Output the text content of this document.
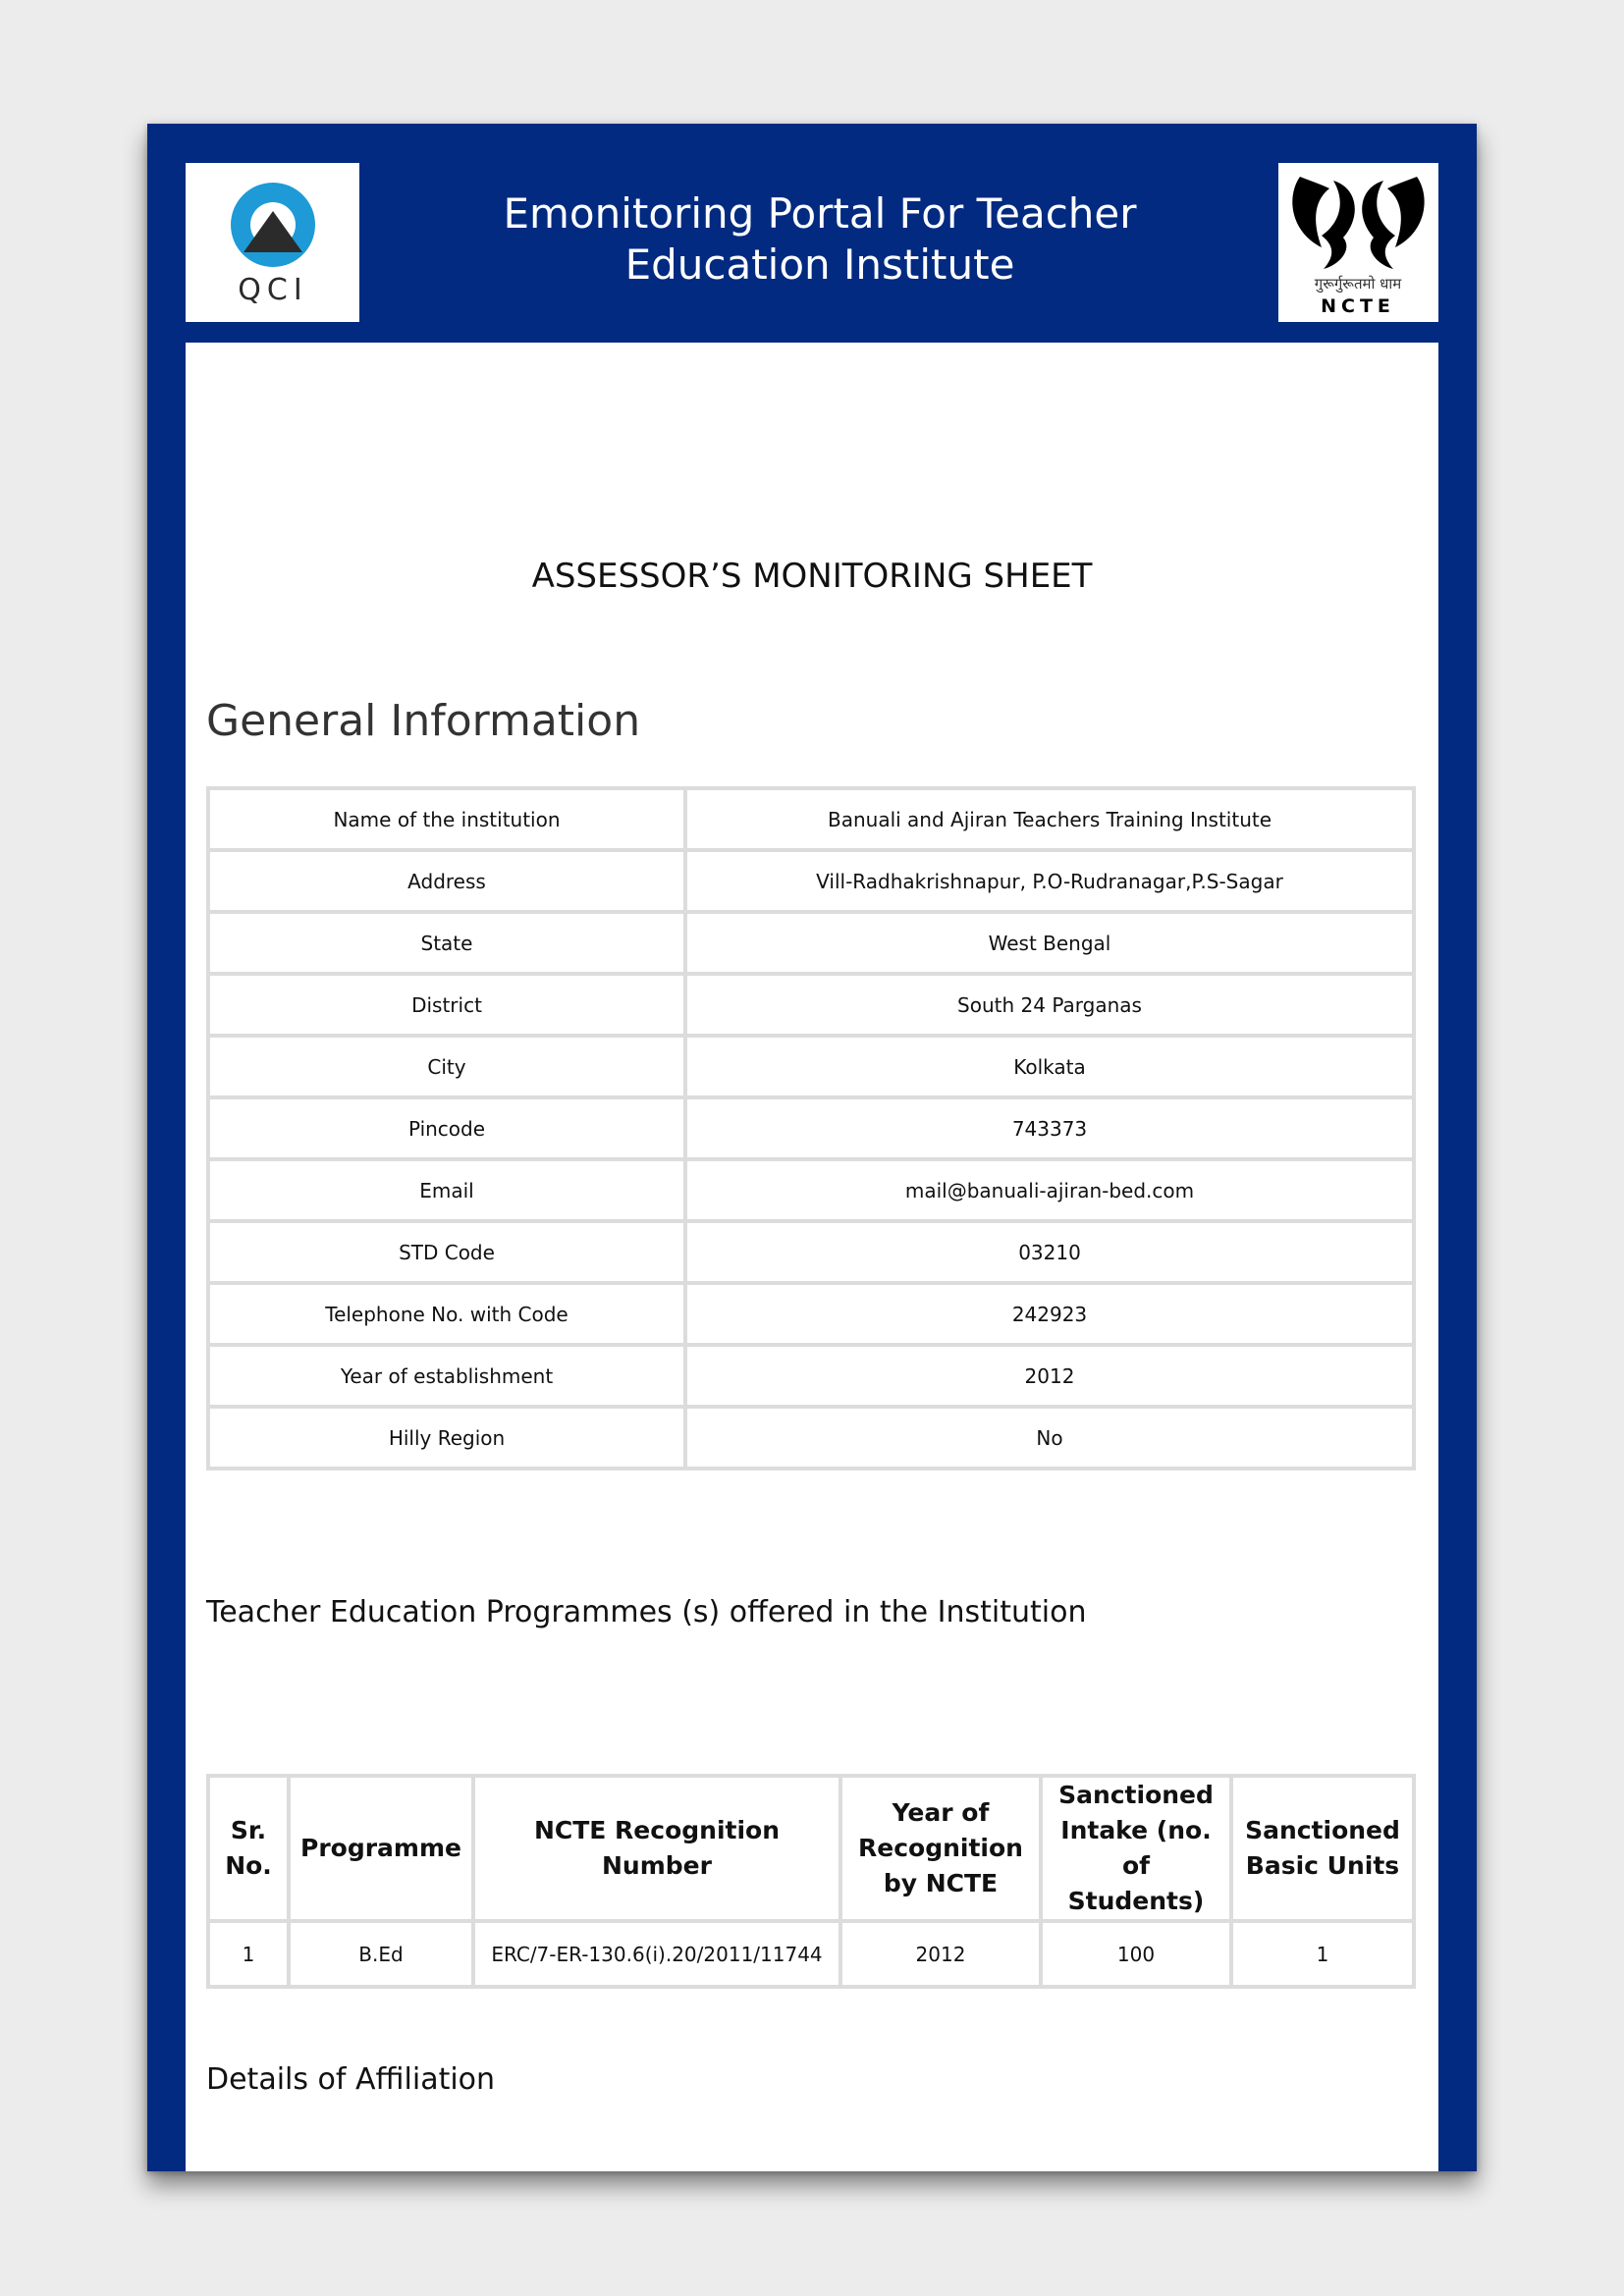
QCI
Emonitoring Portal For Teacher Education Institute	गुरूर्गुरूतमो धाम
NCTE
ASSESSOR’S MONITORING SHEET
General Information
Name of the institution	Banuali and Ajiran Teachers Training Institute
Address	Vill-Radhakrishnapur, P.O-Rudranagar,P.S-Sagar
State	West Bengal
District	South 24 Parganas
City	Kolkata
Pincode	743373
Email	mail@banuali-ajiran-bed.com
STD Code	03210
Telephone No. with Code	242923
Year of establishment	2012
Hilly Region	No
Teacher Education Programmes (s) offered in the Institution
Sr. No.	Programme	NCTE Recognition Number	Year of Recognition by NCTE	Sanctioned Intake (no. of Students)	Sanctioned Basic Units
1	B.Ed	ERC/7-ER-130.6(i).20/2011/11744	2012	100	1
Details of Affiliation
